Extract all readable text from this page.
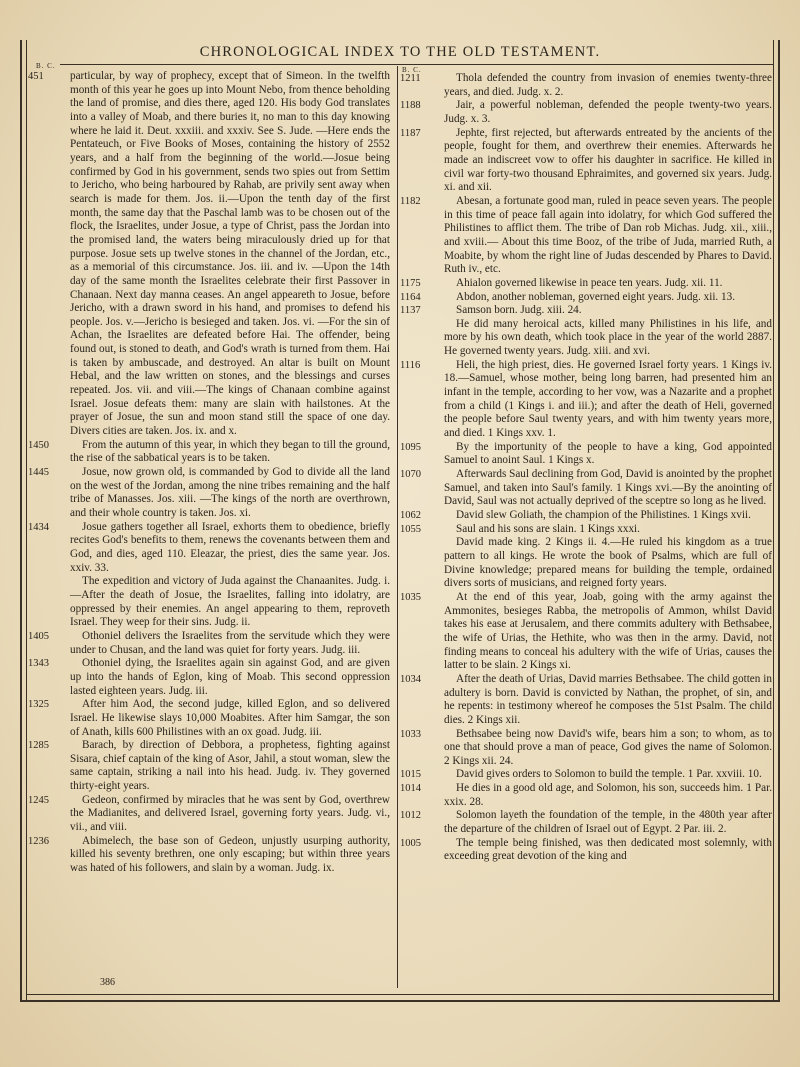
CHRONOLOGICAL INDEX TO THE OLD TESTAMENT.
B. C.	B. C.
451	particular, by way of prophecy, except that of Simeon. In the twelfth month of this year he goes up into Mount Nebo, from thence beholding the land of promise, and dies there, aged 120. His body God translates into a valley of Moab, and there buries it, no man to this day knowing where he laid it. Deut. xxxiii. and xxxiv. See S. Jude. —Here ends the Pentateuch, or Five Books of Moses, containing the history of 2552 years, and a half from the beginning of the world.—Josue being confirmed by God in his government, sends two spies out from Settim to Jericho, who being harboured by Rahab, are privily sent away when search is made for them. Jos. ii.—Upon the tenth day of the first month, the same day that the Paschal lamb was to be chosen out of the flock, the Israelites, under Josue, a type of Christ, pass the Jordan into the promised land, the waters being miraculously dried up for that purpose. Josue sets up twelve stones in the channel of the Jordan, etc., as a memorial of this circumstance. Jos. iii. and iv. —Upon the 14th day of the same month the Israelites celebrate their first Passover in Chanaan. Next day manna ceases. An angel appeareth to Josue, before Jericho, with a drawn sword in his hand, and promises to defend his people. Jos. v.—Jericho is besieged and taken. Jos. vi. —For the sin of Achan, the Israelites are defeated before Hai. The offender, being found out, is stoned to death, and God's wrath is turned from them. Hai is taken by ambuscade, and destroyed. An altar is built on Mount Hebal, and the law written on stones, and the blessings and curses repeated. Jos. vii. and viii.—The kings of Chanaan combine against Israel. Josue defeats them: many are slain with hailstones. At the prayer of Josue, the sun and moon stand still the space of one day. Divers cities are taken. Jos. ix. and x.

1450	From the autumn of this year, in which they began to till the ground, the rise of the sabbatical years is to be taken.

1445	Josue, now grown old, is commanded by God to divide all the land on the west of the Jordan, among the nine tribes remaining and the half tribe of Manasses. Jos. xiii. —The kings of the north are overthrown, and their whole country is taken. Jos. xi.

1434	Josue gathers together all Israel, exhorts them to obedience, briefly recites God's benefits to them, renews the covenants between them and God, and dies, aged 110. Eleazar, the priest, dies the same year. Jos. xxiv. 33.

The expedition and victory of Juda against the Chanaanites. Judg. i.—After the death of Josue, the Israelites, falling into idolatry, are oppressed by their enemies. An angel appearing to them, reproveth Israel. They weep for their sins. Judg. ii.

1405	Othoniel delivers the Israelites from the servitude which they were under to Chusan, and the land was quiet for forty years. Judg. iii.

1343	Othoniel dying, the Israelites again sin against God, and are given up into the hands of Eglon, king of Moab. This second oppression lasted eighteen years. Judg. iii.

1325	After him Aod, the second judge, killed Eglon, and so delivered Israel. He likewise slays 10,000 Moabites. After him Samgar, the son of Anath, kills 600 Philistines with an ox goad. Judg. iii.

1285	Barach, by direction of Debbora, a prophetess, fighting against Sisara, chief captain of the king of Asor, Jahil, a stout woman, slew the same captain, striking a nail into his head. Judg. iv. They governed thirty-eight years.

1245	Gedeon, confirmed by miracles that he was sent by God, overthrew the Madianites, and delivered Israel, governing forty years. Judg. vi., vii., and viii.

1236	Abimelech, the base son of Gedeon, unjustly usurping authority, killed his seventy brethren, one only escaping; but within three years was hated of his followers, and slain by a woman. Judg. ix.

1211	Thola defended the country from invasion of enemies twenty-three years, and died. Judg. x. 2.

1188	Jair, a powerful nobleman, defended the people twenty-two years. Judg. x. 3.

1187	Jephte, first rejected, but afterwards entreated by the ancients of the people, fought for them, and overthrew their enemies. Afterwards he made an indiscreet vow to offer his daughter in sacrifice. He killed in civil war forty-two thousand Ephraimites, and governed six years. Judg. xi. and xii.

1182	Abesan, a fortunate good man, ruled in peace seven years. The people in this time of peace fall again into idolatry, for which God suffered the Philistines to afflict them. The tribe of Dan rob Michas. Judg. xii., xiii., and xviii.— About this time Booz, of the tribe of Juda, married Ruth, a Moabite, by whom the right line of Judas descended by Phares to David. Ruth iv., etc.

1175	Ahialon governed likewise in peace ten years. Judg. xii. 11.

1164	Abdon, another nobleman, governed eight years. Judg. xii. 13.

1137	Samson born. Judg. xiii. 24.

He did many heroical acts, killed many Philistines in his life, and more by his own death, which took place in the year of the world 2887. He governed twenty years. Judg. xiii. and xvi.

1116	Heli, the high priest, dies. He governed Israel forty years. 1 Kings iv. 18.—Samuel, whose mother, being long barren, had presented him an infant in the temple, according to her vow, was a Nazarite and a prophet from a child (1 Kings i. and iii.); and after the death of Heli, governed the people before Saul twenty years, and with him twenty years more, and died. 1 Kings xxv. 1.

1095	By the importunity of the people to have a king, God appointed Samuel to anoint Saul. 1 Kings x.

1070	Afterwards Saul declining from God, David is anointed by the prophet Samuel, and taken into Saul's family. 1 Kings xvi.—By the anointing of David, Saul was not actually deprived of the sceptre so long as he lived.

1062	David slew Goliath, the champion of the Philistines. 1 Kings xvii.

1055	Saul and his sons are slain. 1 Kings xxxi.

David made king. 2 Kings ii. 4.—He ruled his kingdom as a true pattern to all kings. He wrote the book of Psalms, which are full of Divine knowledge; prepared means for building the temple, ordained divers sorts of musicians, and reigned forty years.

1035	At the end of this year, Joab, going with the army against the Ammonites, besieges Rabba, the metropolis of Ammon, whilst David takes his ease at Jerusalem, and there commits adultery with Bethsabee, the wife of Urias, the Hethite, who was then in the army. David, not finding means to conceal his adultery with the wife of Urias, causes the latter to be slain. 2 Kings xi.

1034	After the death of Urias, David marries Bethsabee. The child gotten in adultery is born. David is convicted by Nathan, the prophet, of sin, and he repents: in testimony whereof he composes the 51st Psalm. The child dies. 2 Kings xii.

1033	Bethsabee being now David's wife, bears him a son; to whom, as to one that should prove a man of peace, God gives the name of Solomon. 2 Kings xii. 24.

1015	David gives orders to Solomon to build the temple. 1 Par. xxviii. 10.

1014	He dies in a good old age, and Solomon, his son, succeeds him. 1 Par. xxix. 28.

1012	Solomon layeth the foundation of the temple, in the 480th year after the departure of the children of Israel out of Egypt. 2 Par. iii. 2.

1005	The temple being finished, was then dedicated most solemnly, with exceeding great devotion of the king and

386
